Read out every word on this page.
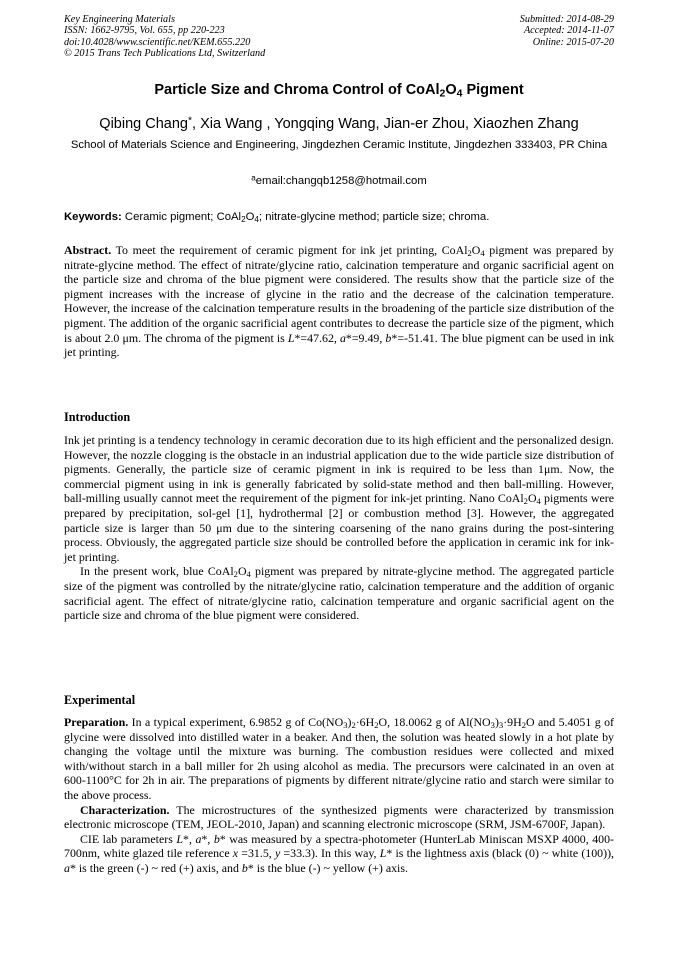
Key Engineering Materials
ISSN: 1662-9795, Vol. 655, pp 220-223
doi:10.4028/www.scientific.net/KEM.655.220
© 2015 Trans Tech Publications Ltd, Switzerland
Submitted: 2014-08-29
Accepted: 2014-11-07
Online: 2015-07-20
Particle Size and Chroma Control of CoAl2O4 Pigment
Qibing Chang*, Xia Wang , Yongqing Wang, Jian-er Zhou, Xiaozhen Zhang
School of Materials Science and Engineering, Jingdezhen Ceramic Institute, Jingdezhen 333403, PR China
$^a$email:changqb1258@hotmail.com
Keywords: Ceramic pigment; $CoAl_2O_4$; nitrate-glycine method; particle size; chroma.

Abstract. To meet the requirement of ceramic pigment for ink jet printing, $CoAl_2O_4$ pigment was prepared by nitrate-glycine method. The effect of nitrate/glycine ratio, calcination temperature and organic sacrificial agent on the particle size and chroma of the blue pigment were considered. The results show that the particle size of the pigment increases with the increase of glycine in the ratio and the decrease of the calcination temperature. However, the increase of the calcination temperature results in the broadening of the particle size distribution of the pigment. The addition of the organic sacrificial agent contributes to decrease the particle size of the pigment, which is about 2.0 μm. The chroma of the pigment is L*=47.62, a*=9.49, b*=-51.41. The blue pigment can be used in ink jet printing.

Introduction

Ink jet printing is a tendency technology in ceramic decoration due to its high efficient and the personalized design. However, the nozzle clogging is the obstacle in an industrial application due to the wide particle size distribution of pigments. Generally, the particle size of ceramic pigment in ink is required to be less than 1μm. Now, the commercial pigment using in ink is generally fabricated by solid-state method and then ball-milling. However, ball-milling usually cannot meet the requirement of the pigment for ink-jet printing. Nano $CoAl_2O_4$ pigments were prepared by precipitation, sol-gel [1], hydrothermal [2] or combustion method [3]. However, the aggregated particle size is larger than 50 μm due to the sintering coarsening of the nano grains during the post-sintering process. Obviously, the aggregated particle size should be controlled before the application in ceramic ink for ink-jet printing.

In the present work, blue $CoAl_2O_4$ pigment was prepared by nitrate-glycine method. The aggregated particle size of the pigment was controlled by the nitrate/glycine ratio, calcination temperature and the addition of organic sacrificial agent. The effect of nitrate/glycine ratio, calcination temperature and organic sacrificial agent on the particle size and chroma of the blue pigment were considered.

Experimental

Preparation. In a typical experiment, 6.9852 g of $Co(NO_3)_2\cdot 6H_2O$, 18.0062 g of $Al(NO_3)_3\cdot 9H_2O$ and 5.4051 g of glycine were dissolved into distilled water in a beaker. And then, the solution was heated slowly in a hot plate by changing the voltage until the mixture was burning. The combustion residues were collected and mixed with/without starch in a ball miller for 2h using alcohol as media. The precursors were calcinated in an oven at 600-1100°C for 2h in air. The preparations of pigments by different nitrate/glycine ratio and starch were similar to the above process.

Characterization. The microstructures of the synthesized pigments were characterized by transmission electronic microscope (TEM, JEOL-2010, Japan) and scanning electronic microscope (SRM, JSM-6700F, Japan).

CIE lab parameters L*, a*, b* was measured by a spectra-photometer (HunterLab Miniscan MSXP 4000, 400-700nm, white glazed tile reference x =31.5, y =33.3). In this way, L* is the lightness axis (black (0) ~ white (100)), a* is the green (-) ~ red (+) axis, and b* is the blue (-) ~ yellow (+) axis.
